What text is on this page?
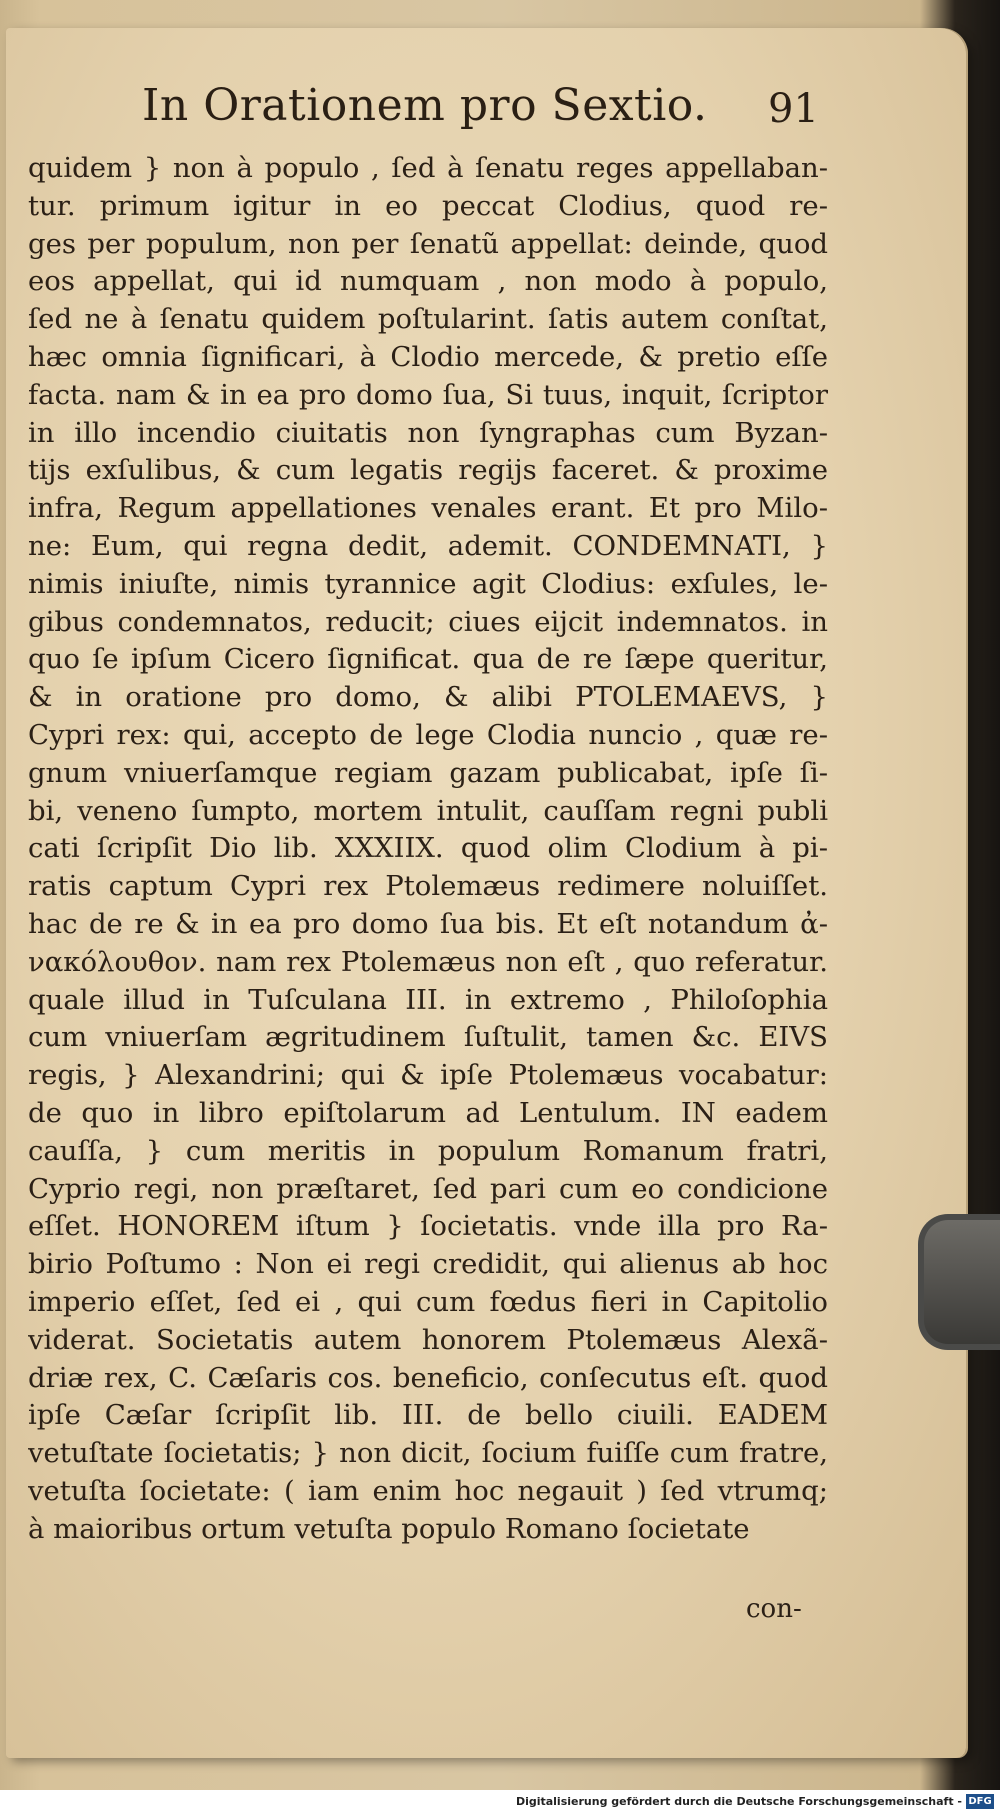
In Orationem pro Sextio. 91
quidem } non à populo , ſed à ſenatu reges appellaban-
tur. primum igitur in eo peccat Clodius, quod re-
ges per populum, non per ſenatũ appellat: deinde, quod
eos appellat, qui id numquam , non modo à populo,
ſed ne à ſenatu quidem poſtularint. ſatis autem conſtat,
hæc omnia ſignificari, à Clodio mercede, & pretio eſſe
facta. nam & in ea pro domo ſua, Si tuus, inquit, ſcriptor
in illo incendio ciuitatis non ſyngraphas cum Byzan-
tijs exſulibus, & cum legatis regijs faceret. & proxime
infra, Regum appellationes venales erant. Et pro Milo-
ne: Eum, qui regna dedit, ademit. CONDEMNATI, }
nimis iniuſte, nimis tyrannice agit Clodius: exſules, le-
gibus condemnatos, reducit; ciues eijcit indemnatos. in
quo ſe ipſum Cicero ſignificat. qua de re ſæpe queritur,
& in oratione pro domo, & alibi PTOLEMAEVS, }
Cypri rex: qui, accepto de lege Clodia nuncio , quæ re-
gnum vniuerſamque regiam gazam publicabat, ipſe ſi-
bi, veneno ſumpto, mortem intulit, cauſſam regni publi
cati ſcripſit Dio lib. XXXIIX. quod olim Clodium à pi-
ratis captum Cypri rex Ptolemæus redimere noluiſſet.
hac de re & in ea pro domo ſua bis. Et eſt notandum ἀ-
νακόλουθον. nam rex Ptolemæus non eſt , quo referatur.
quale illud in Tuſculana III. in extremo , Philoſophia
cum vniuerſam ægritudinem ſuſtulit, tamen &c. EIVS
regis, } Alexandrini; qui & ipſe Ptolemæus vocabatur:
de quo in libro epiſtolarum ad Lentulum. IN eadem
cauſſa, } cum meritis in populum Romanum fratri,
Cyprio regi, non præſtaret, ſed pari cum eo condicione
eſſet. HONOREM iſtum } ſocietatis. vnde illa pro Ra-
birio Poſtumo : Non ei regi credidit, qui alienus ab hoc
imperio eſſet, ſed ei , qui cum fœdus fieri in Capitolio
viderat. Societatis autem honorem Ptolemæus Alexã-
driæ rex, C. Cæſaris cos. beneficio, conſecutus eſt. quod
ipſe Cæſar ſcripſit lib. III. de bello ciuili. EADEM
vetuſtate ſocietatis; } non dicit, ſocium fuiſſe cum fratre,
vetuſta ſocietate: ( iam enim hoc negauit ) ſed vtrumq;
à maioribus ortum vetuſta populo Romano ſocietate
con-
Digitalisierung gefördert durch die Deutsche Forschungsgemeinschaft - DFG
